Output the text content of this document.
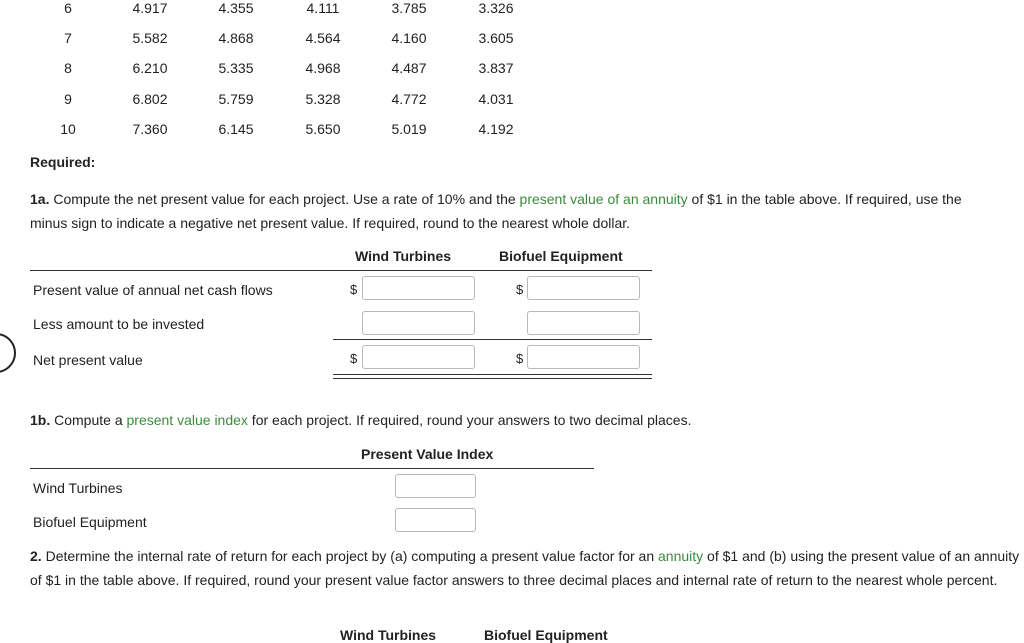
6	4.917	4.355	4.111	3.785	3.326
7	5.582	4.868	4.564	4.160	3.605
8	6.210	5.335	4.968	4.487	3.837
9	6.802	5.759	5.328	4.772	4.031
10	7.360	6.145	5.650	5.019	4.192
Required:
1a. Compute the net present value for each project. Use a rate of 10% and the present value of an annuity of $1 in the table above. If required, use the minus sign to indicate a negative net present value. If required, round to the nearest whole dollar.
Wind Turbines	Biofuel Equipment
Present value of annual net cash flows	$	$
Less amount to be invested
Net present value	$	$
1b. Compute a present value index for each project. If required, round your answers to two decimal places.
Present Value Index
Wind Turbines
Biofuel Equipment
2. Determine the internal rate of return for each project by (a) computing a present value factor for an annuity of $1 and (b) using the present value of an annuity of $1 in the table above. If required, round your present value factor answers to three decimal places and internal rate of return to the nearest whole percent.
Wind Turbines	Biofuel Equipment
